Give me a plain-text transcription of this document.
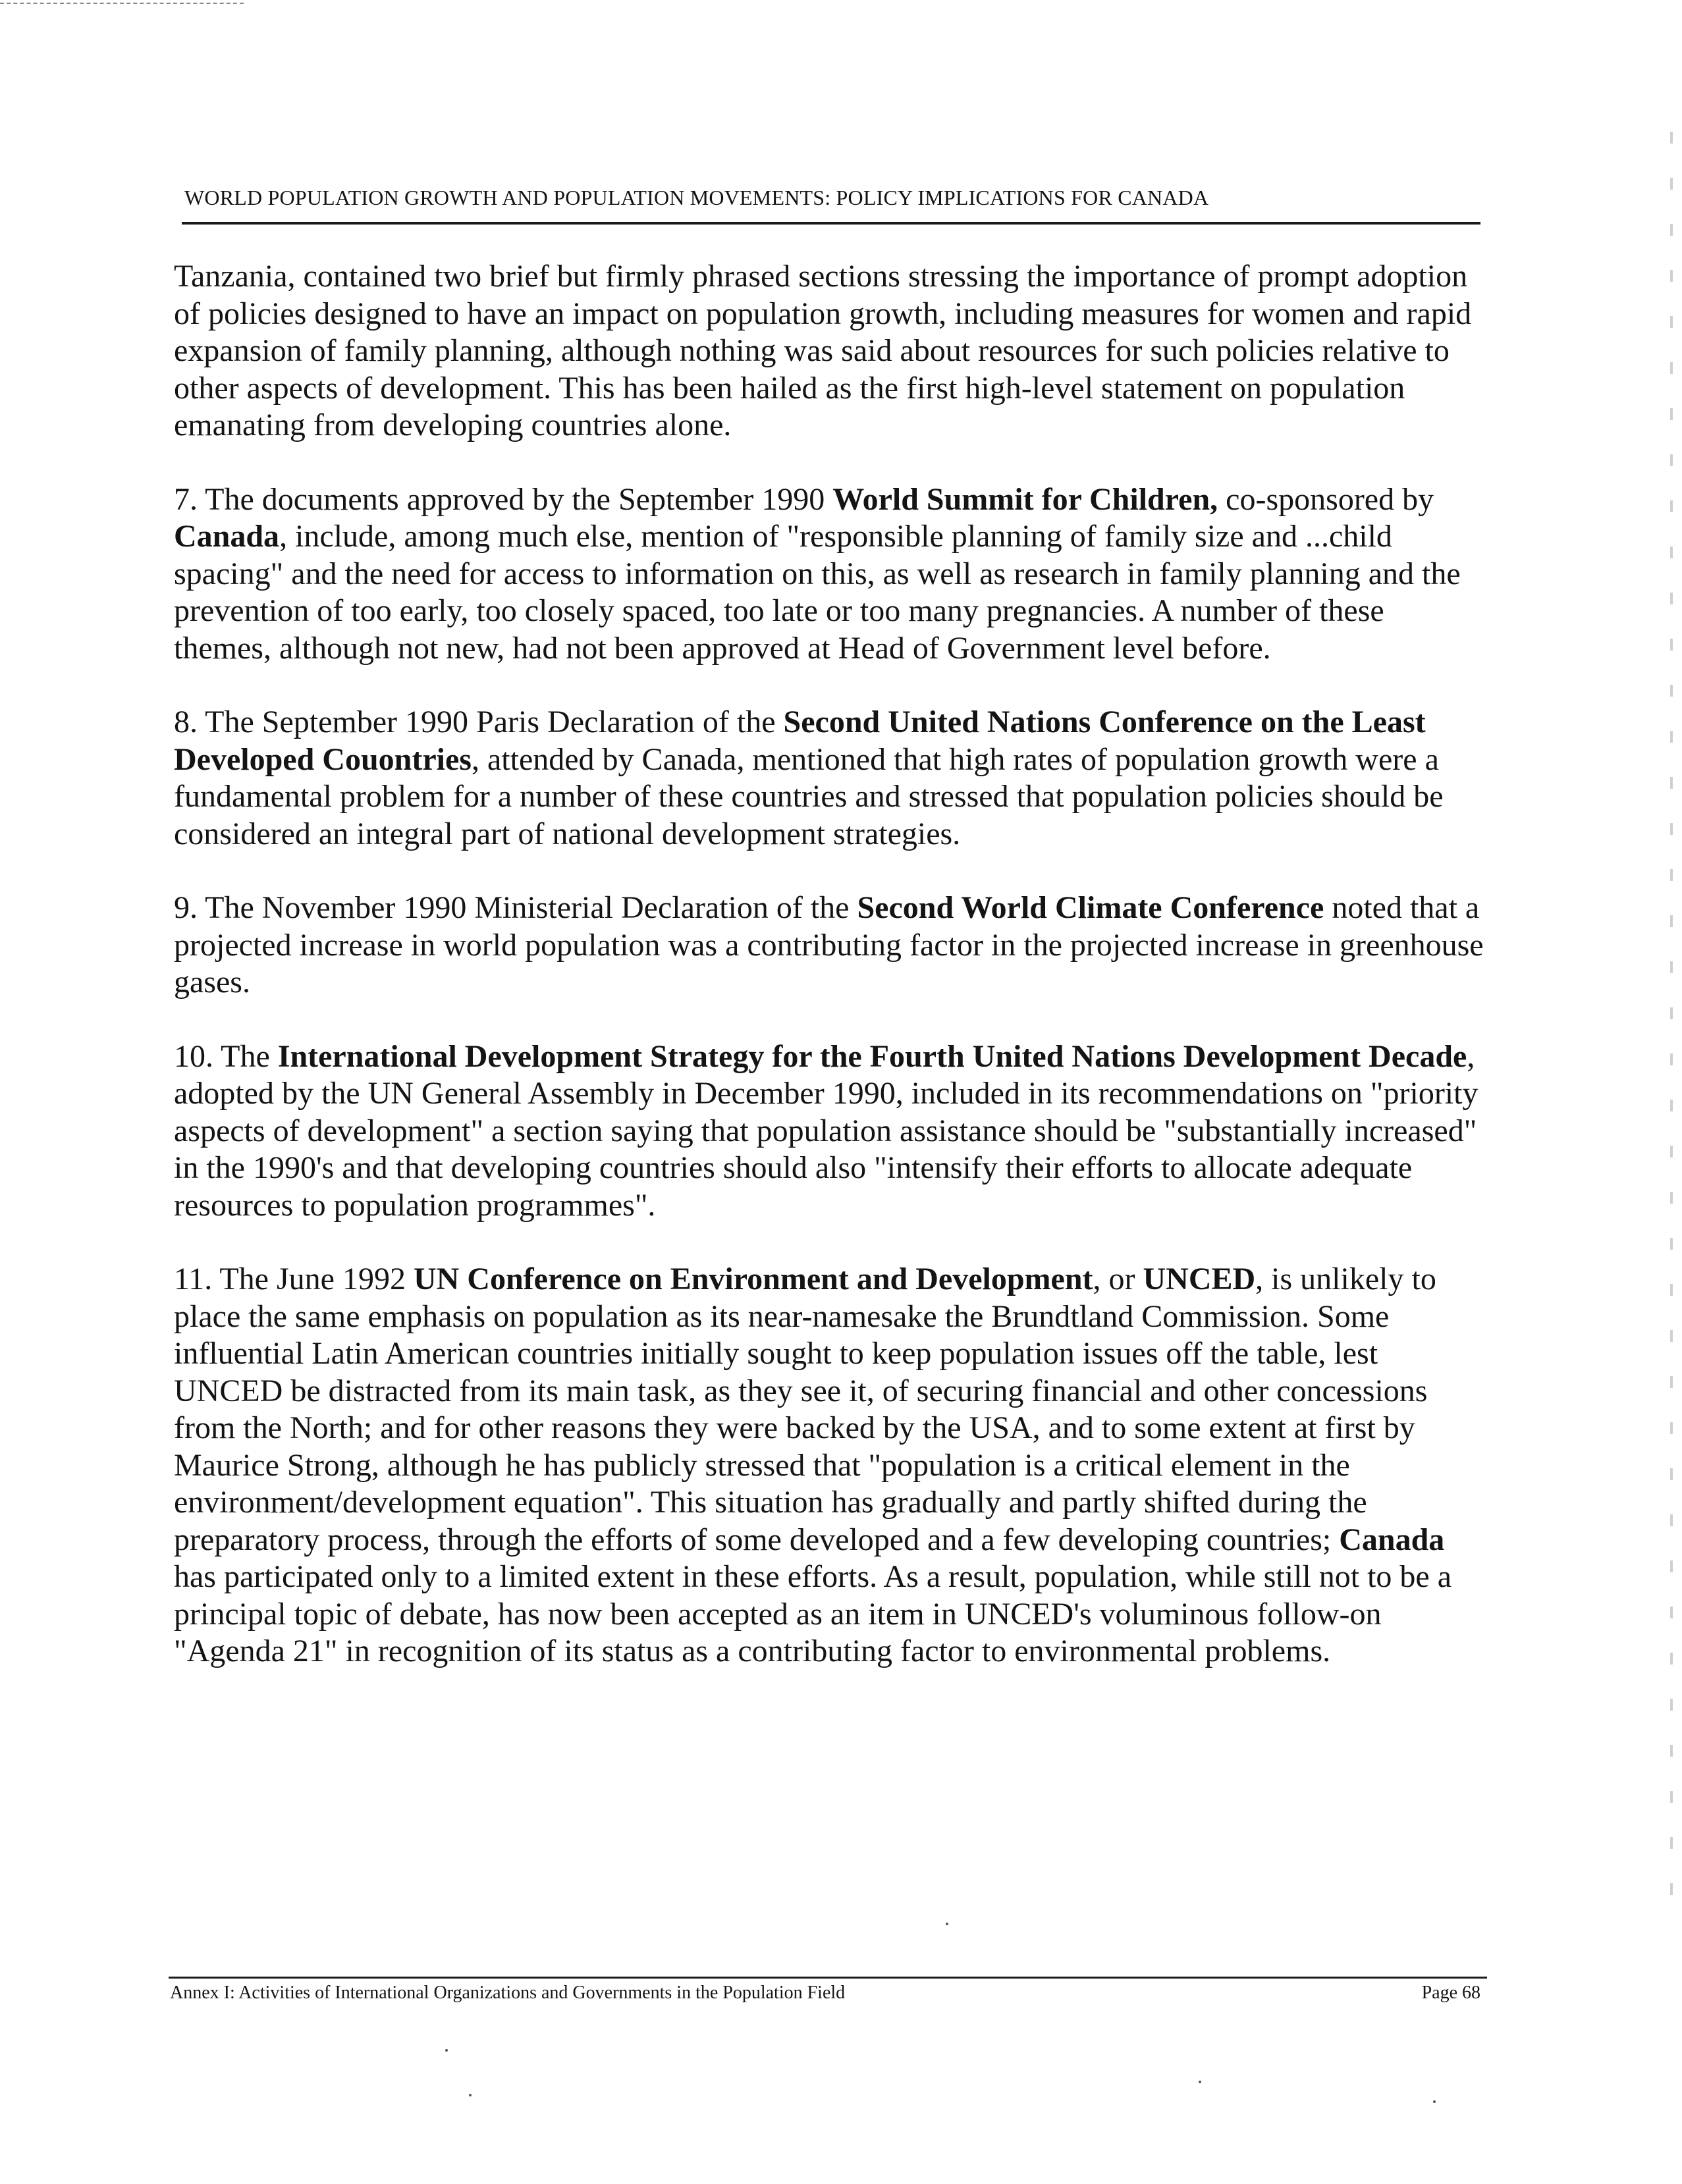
WORLD POPULATION GROWTH AND POPULATION MOVEMENTS: POLICY IMPLICATIONS FOR CANADA

Tanzania, contained two brief but firmly phrased sections stressing the importance of prompt adoption of policies designed to have an impact on population growth, including measures for women and rapid expansion of family planning, although nothing was said about resources for such policies relative to other aspects of development. This has been hailed as the first high-level statement on population emanating from developing countries alone.

7. The documents approved by the September 1990 World Summit for Children, co-sponsored by Canada, include, among much else, mention of "responsible planning of family size and ...child spacing" and the need for access to information on this, as well as research in family planning and the prevention of too early, too closely spaced, too late or too many pregnancies. A number of these themes, although not new, had not been approved at Head of Government level before.

8. The September 1990 Paris Declaration of the Second United Nations Conference on the Least Developed Couontries, attended by Canada, mentioned that high rates of population growth were a fundamental problem for a number of these countries and stressed that population policies should be considered an integral part of national development strategies.

9. The November 1990 Ministerial Declaration of the Second World Climate Conference noted that a projected increase in world population was a contributing factor in the projected increase in greenhouse gases.

10. The International Development Strategy for the Fourth United Nations Development Decade, adopted by the UN General Assembly in December 1990, included in its recommendations on "priority aspects of development" a section saying that population assistance should be "substantially increased" in the 1990's and that developing countries should also "intensify their efforts to allocate adequate resources to population programmes".

11. The June 1992 UN Conference on Environment and Development, or UNCED, is unlikely to place the same emphasis on population as its near-namesake the Brundtland Commission. Some influential Latin American countries initially sought to keep population issues off the table, lest UNCED be distracted from its main task, as they see it, of securing financial and other concessions from the North; and for other reasons they were backed by the USA, and to some extent at first by Maurice Strong, although he has publicly stressed that "population is a critical element in the environment/development equation". This situation has gradually and partly shifted during the preparatory process, through the efforts of some developed and a few developing countries; Canada has participated only to a limited extent in these efforts. As a result, population, while still not to be a principal topic of debate, has now been accepted as an item in UNCED's voluminous follow-on "Agenda 21" in recognition of its status as a contributing factor to environmental problems.

Annex I: Activities of International Organizations and Governments in the Population Field	Page 68
